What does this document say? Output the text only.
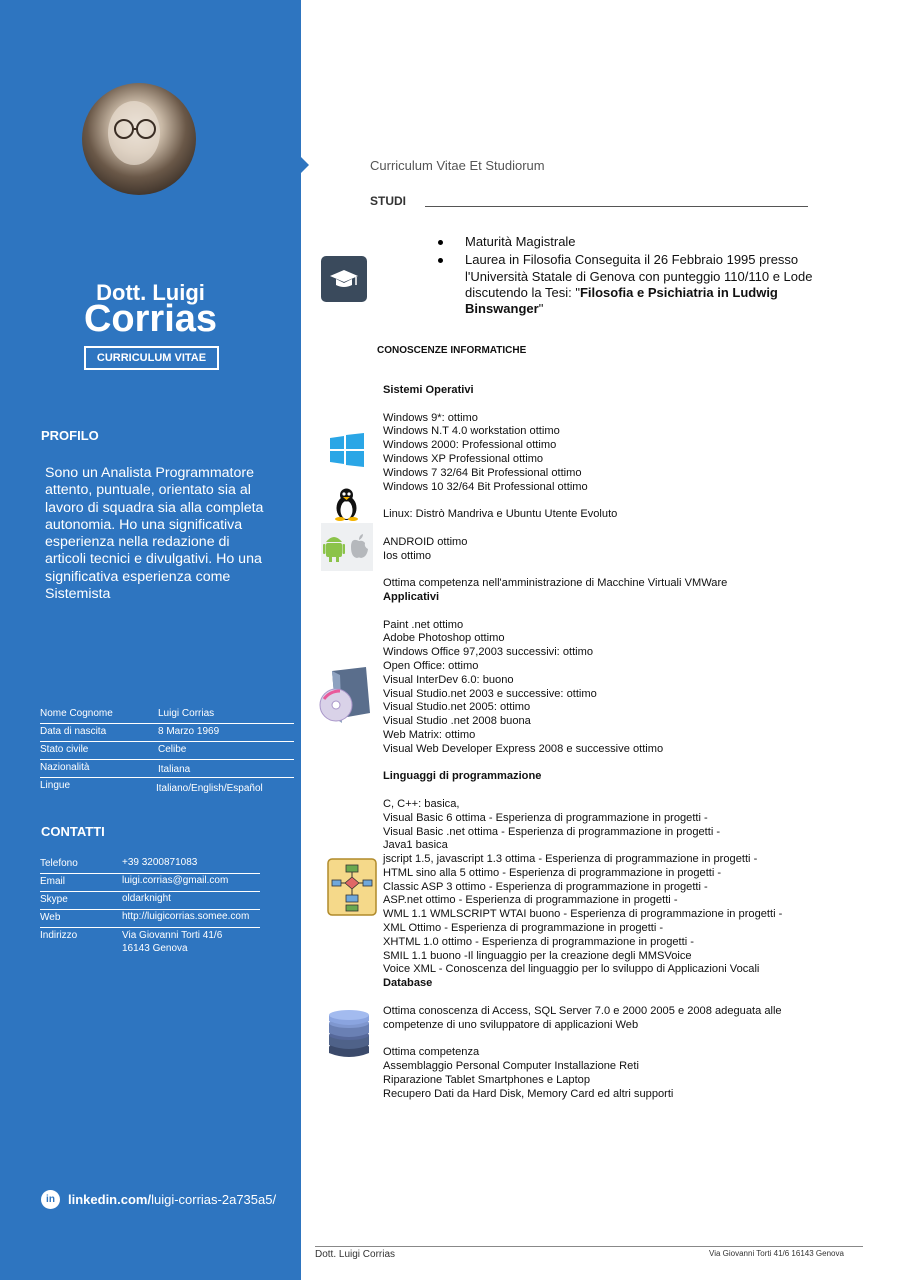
Dott. Luigi
Corrias
CURRICULUM VITAE
PROFILO
Sono un Analista Programmatore attento, puntuale, orientato sia al lavoro di squadra sia alla completa autonomia. Ho una significativa esperienza nella redazione di articoli tecnici e divulgativi. Ho una significativa esperienza come Sistemista
Nome Cognome	Luigi Corrias
Data di nascita	8 Marzo 1969
Stato civile	Celibe
Nazionalità	Italiana
Lingue	Italiano/English/Español
CONTATTI
Telefono	+39 3200871083
Email	luigi.corrias@gmail.com
Skype	oldarknight
Web	http://luigicorrias.somee.com
Indirizzo	Via Giovanni Torti 41/6
16143 Genova
in	linkedin.com/ luigi-corrias-2a735a5/
Curriculum Vitae Et Studiorum
STUDI
Maturità Magistrale
Laurea in Filosofia Conseguita il 26 Febbraio 1995 presso l'Università Statale di Genova con punteggio 110/110 e Lode discutendo la Tesi: "Filosofia e Psichiatria in Ludwig Binswanger"
CONOSCENZE INFORMATICHE
Sistemi Operativi
Windows 9*: ottimo
Windows N.T 4.0 workstation ottimo
Windows 2000: Professional ottimo
Windows XP Professional ottimo
Windows 7 32/64 Bit Professional ottimo
Windows 10 32/64 Bit Professional ottimo
Linux: Distrò Mandriva e Ubuntu Utente Evoluto
ANDROID ottimo
Ios ottimo
Ottima competenza nell'amministrazione di Macchine Virtuali VMWare
Applicativi
Paint .net ottimo
Adobe Photoshop ottimo
Windows Office 97,2003 successivi: ottimo
Open Office: ottimo
Visual InterDev 6.0: buono
Visual Studio.net 2003 e successive: ottimo
Visual Studio.net 2005: ottimo
Visual Studio .net 2008 buona
Web Matrix: ottimo
Visual Web Developer Express 2008 e successive ottimo
Linguaggi di programmazione
C, C++: basica,
Visual Basic 6 ottima - Esperienza di programmazione in progetti -
Visual Basic .net ottima - Esperienza di programmazione in progetti -
Java1 basica
jscript 1.5, javascript 1.3 ottima - Esperienza di programmazione in progetti -
HTML sino alla 5 ottimo - Esperienza di programmazione in progetti -
Classic ASP 3 ottimo - Esperienza di programmazione in progetti -
ASP.net ottimo - Esperienza di programmazione in progetti -
WML 1.1 WMLSCRIPT WTAI buono - Esperienza di programmazione in progetti -
XML Ottimo - Esperienza di programmazione in progetti -
XHTML 1.0 ottimo - Esperienza di programmazione in progetti -
SMIL 1.1 buono -Il linguaggio per la creazione degli MMSVoice
Voice XML - Conoscenza del linguaggio per lo sviluppo di Applicazioni Vocali
Database
Ottima conoscenza di Access, SQL Server 7.0 e 2000 2005 e 2008 adeguata alle
competenze di uno sviluppatore di applicazioni Web
Ottima competenza
Assemblaggio Personal Computer Installazione Reti
Riparazione Tablet Smartphones e Laptop
Recupero Dati da Hard Disk, Memory Card ed altri supporti
Dott. Luigi Corrias	Via Giovanni Torti 41/6 16143 Genova
